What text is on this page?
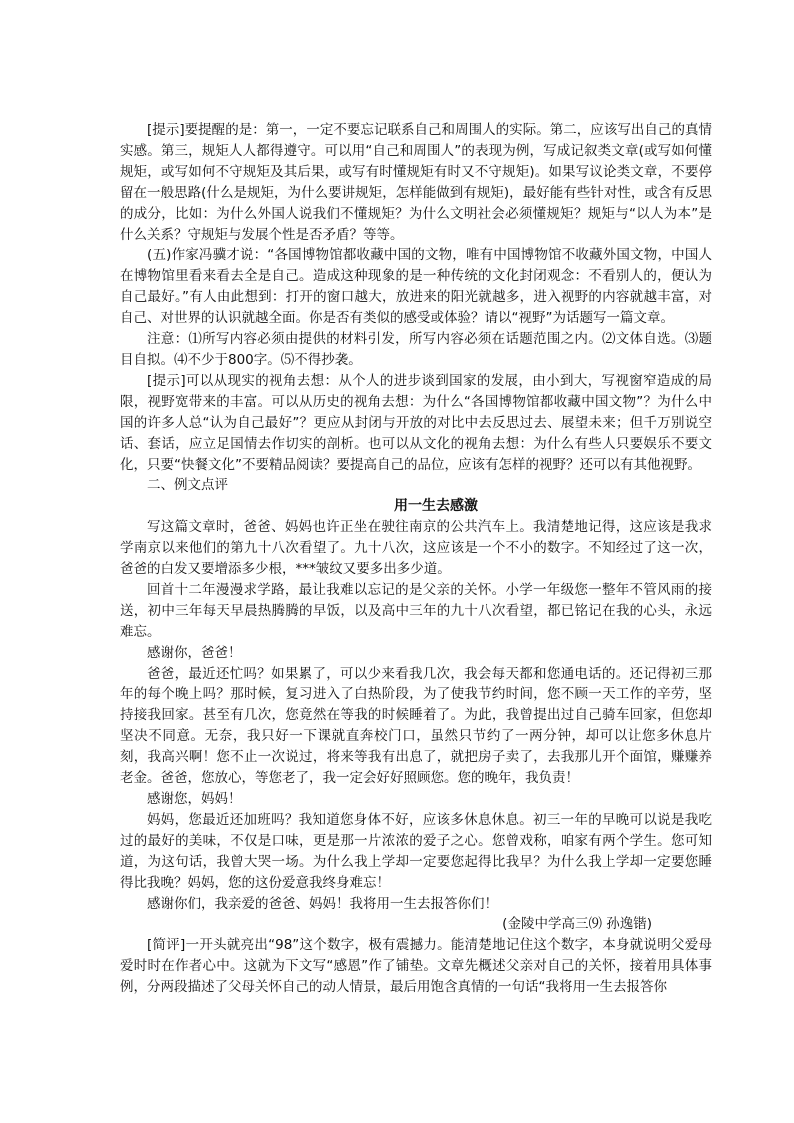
[提示]要提醒的是：第一，一定不要忘记联系自己和周围人的实际。第二，应该写出自己的真情实感。第三，规矩人人都得遵守。可以用“自己和周围人”的表现为例，写成记叙类文章(或写如何懂规矩，或写如何不守规矩及其后果，或写有时懂规矩有时又不守规矩)。如果写议论类文章，不要停留在一般思路(什么是规矩，为什么要讲规矩，怎样能做到有规矩)，最好能有些针对性，或含有反思的成分，比如：为什么外国人说我们不懂规矩？为什么文明社会必须懂规矩？规矩与“以人为本”是什么关系？守规矩与发展个性是否矛盾？等等。

(五)作家冯骥才说：“各国博物馆都收藏中国的文物，唯有中国博物馆不收藏外国文物，中国人在博物馆里看来看去全是自己。造成这种现象的是一种传统的文化封闭观念：不看别人的，便认为自己最好。”有人由此想到：打开的窗口越大，放进来的阳光就越多，进入视野的内容就越丰富，对自己、对世界的认识就越全面。你是否有类似的感受或体验？请以“视野”为话题写一篇文章。

注意：⑴所写内容必须由提供的材料引发，所写内容必须在话题范围之内。⑵文体自选。⑶题目自拟。⑷不少于800字。⑸不得抄袭。

[提示]可以从现实的视角去想：从个人的进步谈到国家的发展，由小到大，写视窗窄造成的局限，视野宽带来的丰富。可以从历史的视角去想：为什么“各国博物馆都收藏中国文物”？为什么中国的许多人总“认为自己最好”？更应从封闭与开放的对比中去反思过去、展望未来；但千万别说空话、套话，应立足国情去作切实的剖析。也可以从文化的视角去想：为什么有些人只要娱乐不要文化，只要“快餐文化”不要精品阅读？要提高自己的品位，应该有怎样的视野？还可以有其他视野。

二、例文点评

用一生去感激

写这篇文章时，爸爸、妈妈也许正坐在驶往南京的公共汽车上。我清楚地记得，这应该是我求学南京以来他们的第九十八次看望了。九十八次，这应该是一个不小的数字。不知经过了这一次，爸爸的白发又要增添多少根，***皱纹又要多出多少道。

回首十二年漫漫求学路，最让我难以忘记的是父亲的关怀。小学一年级您一整年不管风雨的接送，初中三年每天早晨热腾腾的早饭，以及高中三年的九十八次看望，都已铭记在我的心头，永远难忘。

感谢你，爸爸！

爸爸，最近还忙吗？如果累了，可以少来看我几次，我会每天都和您通电话的。还记得初三那年的每个晚上吗？那时候，复习进入了白热阶段，为了使我节约时间，您不顾一天工作的辛劳，坚持接我回家。甚至有几次，您竟然在等我的时候睡着了。为此，我曾提出过自己骑车回家，但您却坚决不同意。无奈，我只好一下课就直奔校门口，虽然只节约了一两分钟，却可以让您多休息片刻，我高兴啊！您不止一次说过，将来等我有出息了，就把房子卖了，去我那儿开个面馆，赚赚养老金。爸爸，您放心，等您老了，我一定会好好照顾您。您的晚年，我负责！

感谢您，妈妈！

妈妈，您最近还加班吗？我知道您身体不好，应该多休息休息。初三一年的早晚可以说是我吃过的最好的美味，不仅是口味，更是那一片浓浓的爱子之心。您曾戏称，咱家有两个学生。您可知道，为这句话，我曾大哭一场。为什么我上学却一定要您起得比我早？为什么我上学却一定要您睡得比我晚？妈妈，您的这份爱意我终身难忘！

感谢你们，我亲爱的爸爸、妈妈！我将用一生去报答你们！

(金陵中学高三⑼ 孙逸锴)

[简评]一开头就亮出“98”这个数字，极有震撼力。能清楚地记住这个数字，本身就说明父爱母爱时时在作者心中。这就为下文写“感恩”作了铺垫。文章先概述父亲对自己的关怀，接着用具体事例，分两段描述了父母关怀自己的动人情景，最后用饱含真情的一句话“我将用一生去报答你
